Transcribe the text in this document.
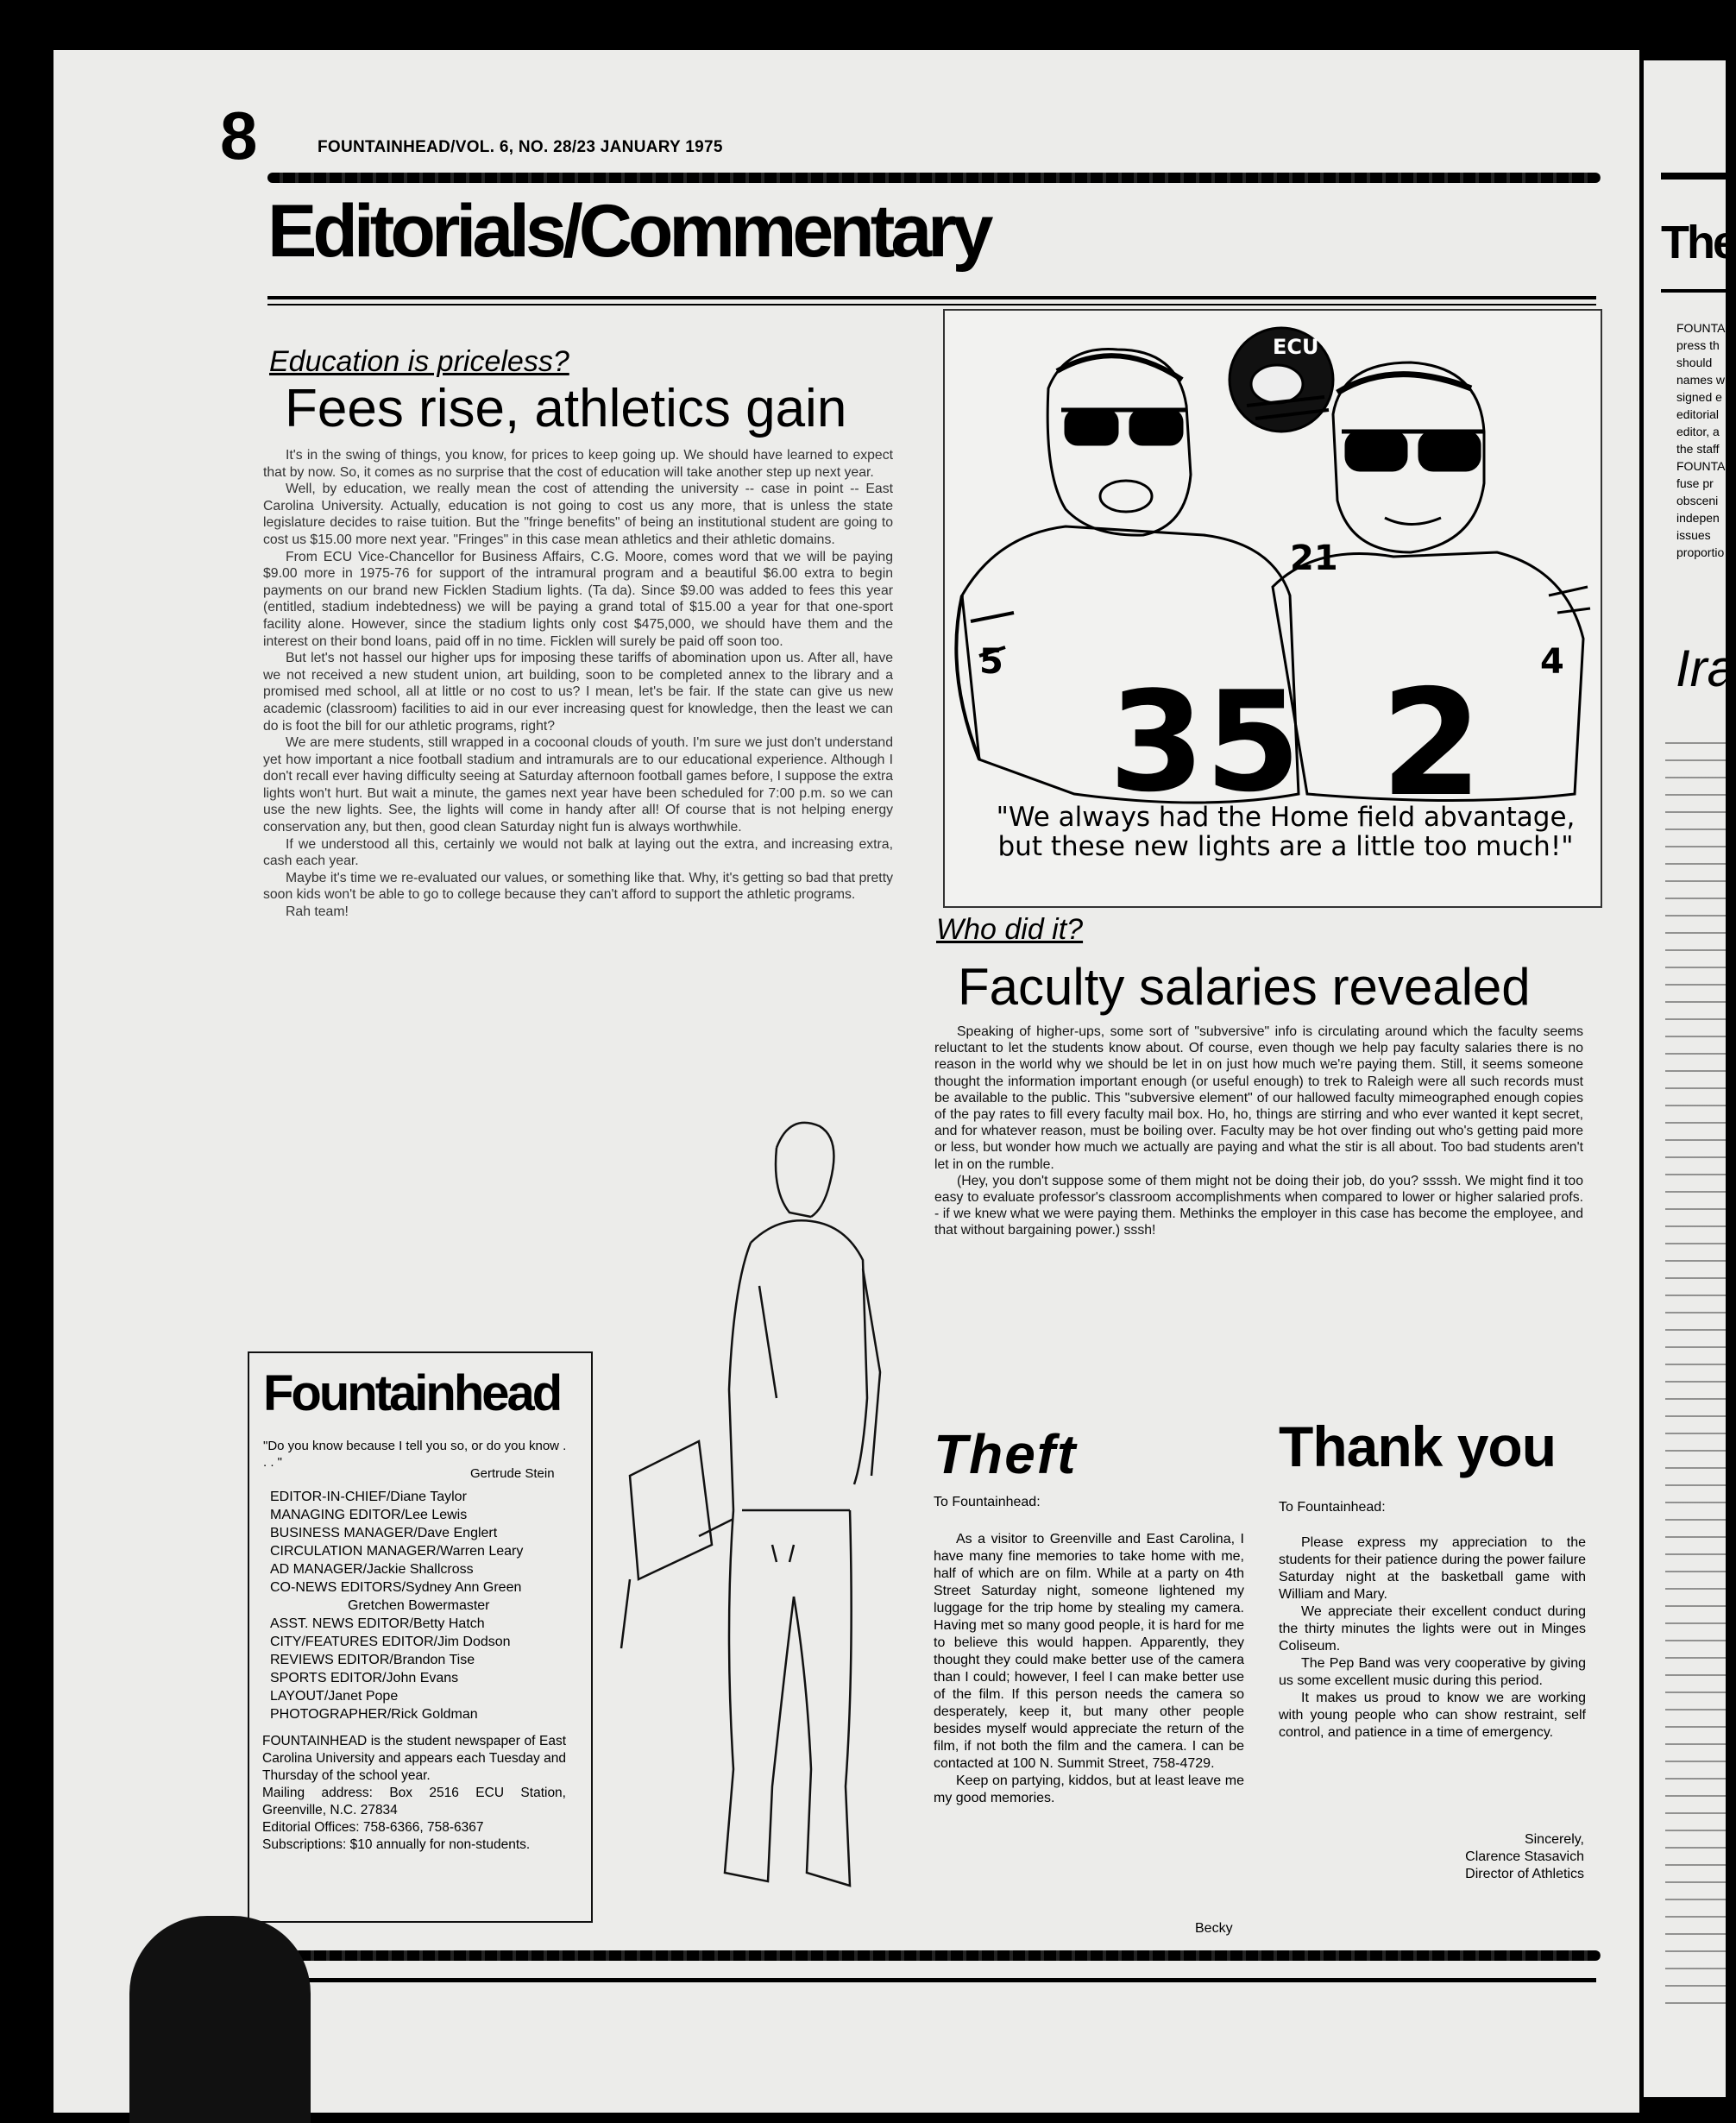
8	FOUNTAINHEAD/VOL. 6, NO. 28/23 JANUARY 1975
Editorials/Commentary
Education is priceless?
Fees rise, athletics gain

It's in the swing of things, you know, for prices to keep going up. We should have learned to expect that by now. So, it comes as no surprise that the cost of education will take another step up next year.

Well, by education, we really mean the cost of attending the university -- case in point -- East Carolina University. Actually, education is not going to cost us any more, that is unless the state legislature decides to raise tuition. But the "fringe benefits" of being an institutional student are going to cost us $15.00 more next year. "Fringes" in this case mean athletics and their athletic domains.

From ECU Vice-Chancellor for Business Affairs, C.G. Moore, comes word that we will be paying $9.00 more in 1975-76 for support of the intramural program and a beautiful $6.00 extra to begin payments on our brand new Ficklen Stadium lights. (Ta da). Since $9.00 was added to fees this year (entitled, stadium indebtedness) we will be paying a grand total of $15.00 a year for that one-sport facility alone. However, since the stadium lights only cost $475,000, we should have them and the interest on their bond loans, paid off in no time. Ficklen will surely be paid off soon too.

But let's not hassel our higher ups for imposing these tariffs of abomination upon us. After all, have we not received a new student union, art building, soon to be completed annex to the library and a promised med school, all at little or no cost to us? I mean, let's be fair. If the state can give us new academic (classroom) facilities to aid in our ever increasing quest for knowledge, then the least we can do is foot the bill for our athletic programs, right?

We are mere students, still wrapped in a cocoonal clouds of youth. I'm sure we just don't understand yet how important a nice football stadium and intramurals are to our educational experience. Although I don't recall ever having difficulty seeing at Saturday afternoon football games before, I suppose the extra lights won't hurt. But wait a minute, the games next year have been scheduled for 7:00 p.m. so we can use the new lights. See, the lights will come in handy after all! Of course that is not helping energy conservation any, but then, good clean Saturday night fun is always worthwhile.

If we understood all this, certainly we would not balk at laying out the extra, and increasing extra, cash each year.

Maybe it's time we re-evaluated our values, or something like that. Why, it's getting so bad that pretty soon kids won't be able to go to college because they can't afford to support the athletic programs.

Rah team!

ECU
35 2
5	4
21
"We always had the Home field abvantage, but these new lights are a little too much!"
Who did it?
Faculty salaries revealed

Speaking of higher-ups, some sort of "subversive" info is circulating around which the faculty seems reluctant to let the students know about. Of course, even though we help pay faculty salaries there is no reason in the world why we should be let in on just how much we're paying them. Still, it seems someone thought the information important enough (or useful enough) to trek to Raleigh were all such records must be available to the public. This "subversive element" of our hallowed faculty mimeographed enough copies of the pay rates to fill every faculty mail box. Ho, ho, things are stirring and who ever wanted it kept secret, and for whatever reason, must be boiling over. Faculty may be hot over finding out who's getting paid more or less, but wonder how much we actually are paying and what the stir is all about. Too bad students aren't let in on the rumble.

(Hey, you don't suppose some of them might not be doing their job, do you? ssssh. We might find it too easy to evaluate professor's classroom accomplishments when compared to lower or higher salaried profs. - if we knew what we were paying them. Methinks the employer in this case has become the employee, and that without bargaining power.) sssh!

Fountainhead
"Do you know because I tell you so, or do you know . . . "
Gertrude Stein
EDITOR-IN-CHIEF/Diane Taylor
MANAGING EDITOR/Lee Lewis
BUSINESS MANAGER/Dave Englert
CIRCULATION MANAGER/Warren Leary
AD MANAGER/Jackie Shallcross
CO-NEWS EDITORS/Sydney Ann Green
Gretchen Bowermaster
ASST. NEWS EDITOR/Betty Hatch
CITY/FEATURES EDITOR/Jim Dodson
REVIEWS EDITOR/Brandon Tise
SPORTS EDITOR/John Evans
LAYOUT/Janet Pope
PHOTOGRAPHER/Rick Goldman
FOUNTAINHEAD is the student newspaper of East Carolina University and appears each Tuesday and Thursday of the school year.
Mailing address: Box 2516 ECU Station, Greenville, N.C. 27834
Editorial Offices: 758-6366, 758-6367
Subscriptions: $10 annually for non-students.
Theft
To Fountainhead:

As a visitor to Greenville and East Carolina, I have many fine memories to take home with me, half of which are on film. While at a party on 4th Street Saturday night, someone lightened my luggage for the trip home by stealing my camera. Having met so many good people, it is hard for me to believe this would happen. Apparently, they thought they could make better use of the camera than I could; however, I feel I can make better use of the film. If this person needs the camera so desperately, keep it, but many other people besides myself would appreciate the return of the film, if not both the film and the camera. I can be contacted at 100 N. Summit Street, 758-4729.

Keep on partying, kiddos, but at least leave me my good memories.

Becky
Thank you
To Fountainhead:

Please express my appreciation to the students for their patience during the power failure Saturday night at the basketball game with William and Mary.

We appreciate their excellent conduct during the thirty minutes the lights were out in Minges Coliseum.

The Pep Band was very cooperative by giving us some excellent music during this period.

It makes us proud to know we are working with young people who can show restraint, self control, and patience in a time of emergency.

Sincerely,
Clarence Stasavich
Director of Athletics
The
FOUNTA
press th
should
names w
signed e
editorial
editor, a
the staff
FOUNTA
fuse pr
obsceni
indepen
issues
proportio
Ira
